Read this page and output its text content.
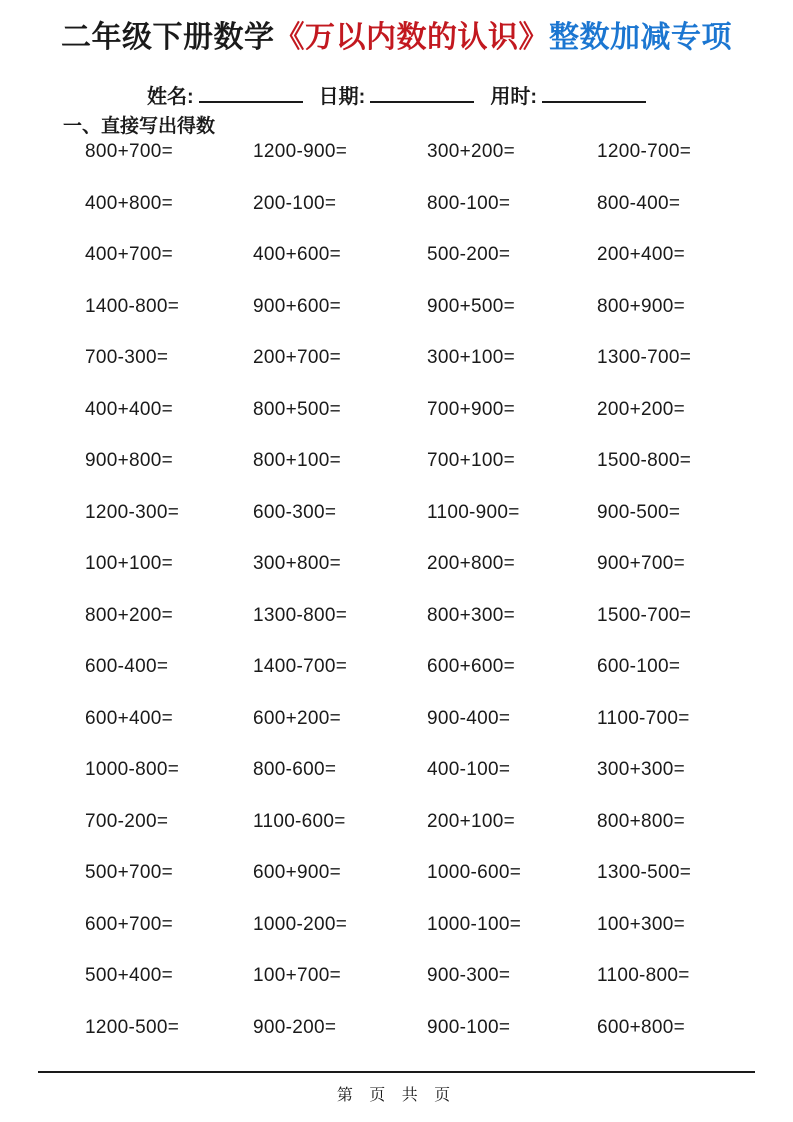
二年级下册数学《万以内数的认识》整数加减专项
姓名:	日期:	用时:
一、直接写出得数
800+700=	1200-900=	300+200=	1200-700=
400+800=	200-100=	800-100=	800-400=
400+700=	400+600=	500-200=	200+400=
1400-800=	900+600=	900+500=	800+900=
700-300=	200+700=	300+100=	1300-700=
400+400=	800+500=	700+900=	200+200=
900+800=	800+100=	700+100=	1500-800=
1200-300=	600-300=	1100-900=	900-500=
100+100=	300+800=	200+800=	900+700=
800+200=	1300-800=	800+300=	1500-700=
600-400=	1400-700=	600+600=	600-100=
600+400=	600+200=	900-400=	1100-700=
1000-800=	800-600=	400-100=	300+300=
700-200=	1100-600=	200+100=	800+800=
500+700=	600+900=	1000-600=	1300-500=
600+700=	1000-200=	1000-100=	100+300=
500+400=	100+700=	900-300=	1100-800=
1200-500=	900-200=	900-100=	600+800=
第 页 共 页
